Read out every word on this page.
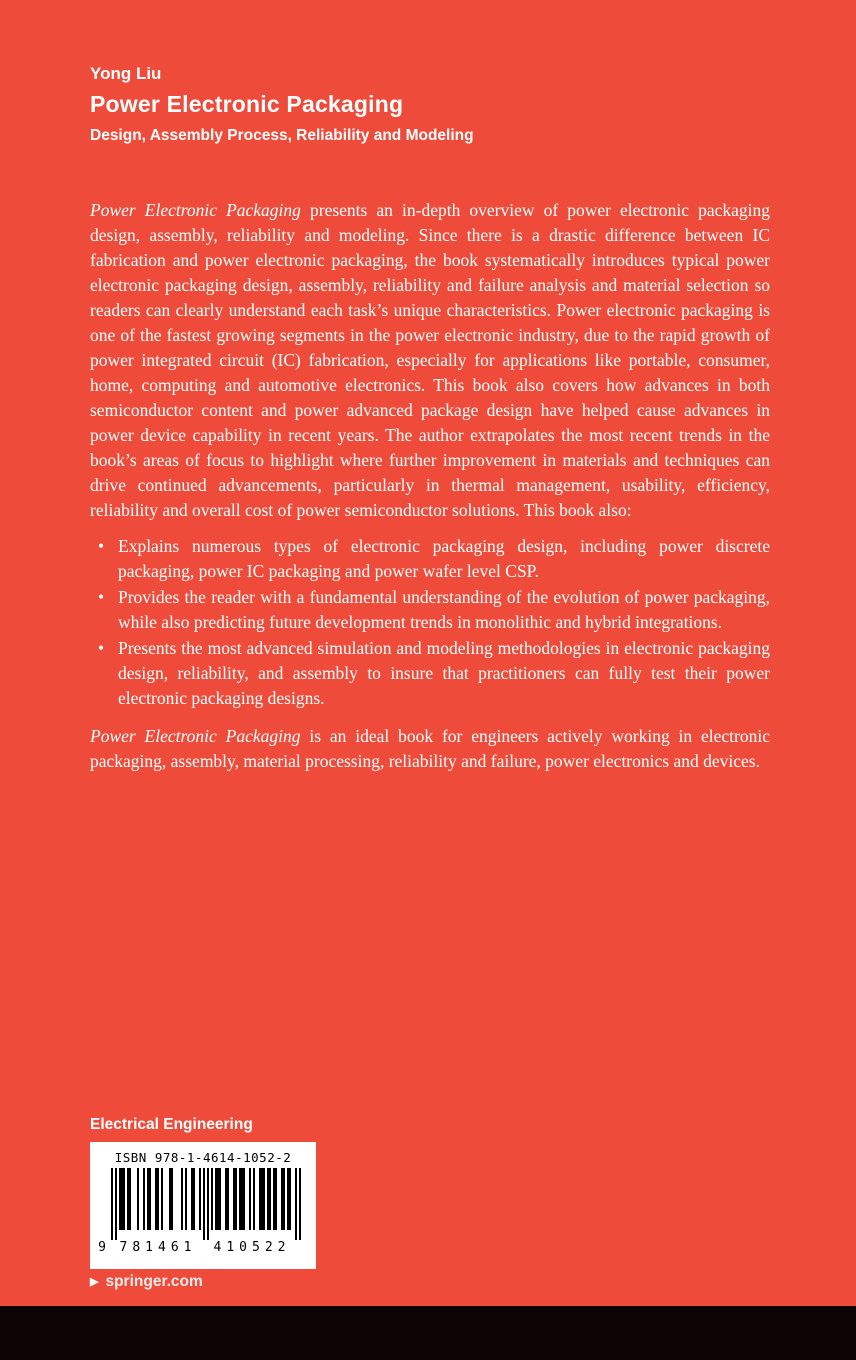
Yong Liu
Power Electronic Packaging
Design, Assembly Process, Reliability and Modeling

Power Electronic Packaging presents an in-depth overview of power electronic packaging design, assembly, reliability and modeling. Since there is a drastic difference between IC fabrication and power electronic packaging, the book systematically introduces typical power electronic packaging design, assembly, reliability and failure analysis and material selection so readers can clearly understand each task’s unique characteristics. Power electronic packaging is one of the fastest growing segments in the power electronic industry, due to the rapid growth of power integrated circuit (IC) fabrication, especially for applications like portable, consumer, home, computing and automotive electronics. This book also covers how advances in both semiconductor content and power advanced package design have helped cause advances in power device capability in recent years. The author extrapolates the most recent trends in the book’s areas of focus to highlight where further improvement in materials and techniques can drive continued advancements, particularly in thermal management, usability, efficiency, reliability and overall cost of power semiconductor solutions. This book also:

• Explains numerous types of electronic packaging design, including power discrete packaging, power IC packaging and power wafer level CSP.
• Provides the reader with a fundamental understanding of the evolution of power packaging, while also predicting future development trends in monolithic and hybrid integrations.
• Presents the most advanced simulation and modeling methodologies in electronic packaging design, reliability, and assembly to insure that practitioners can fully test their power electronic packaging designs.

Power Electronic Packaging is an ideal book for engineers actively working in electronic packaging, assembly, material processing, reliability and failure, power electronics and devices.

Electrical Engineering
ISBN 978-1-4614-1052-2
9 781461 410522
▶ springer.com
